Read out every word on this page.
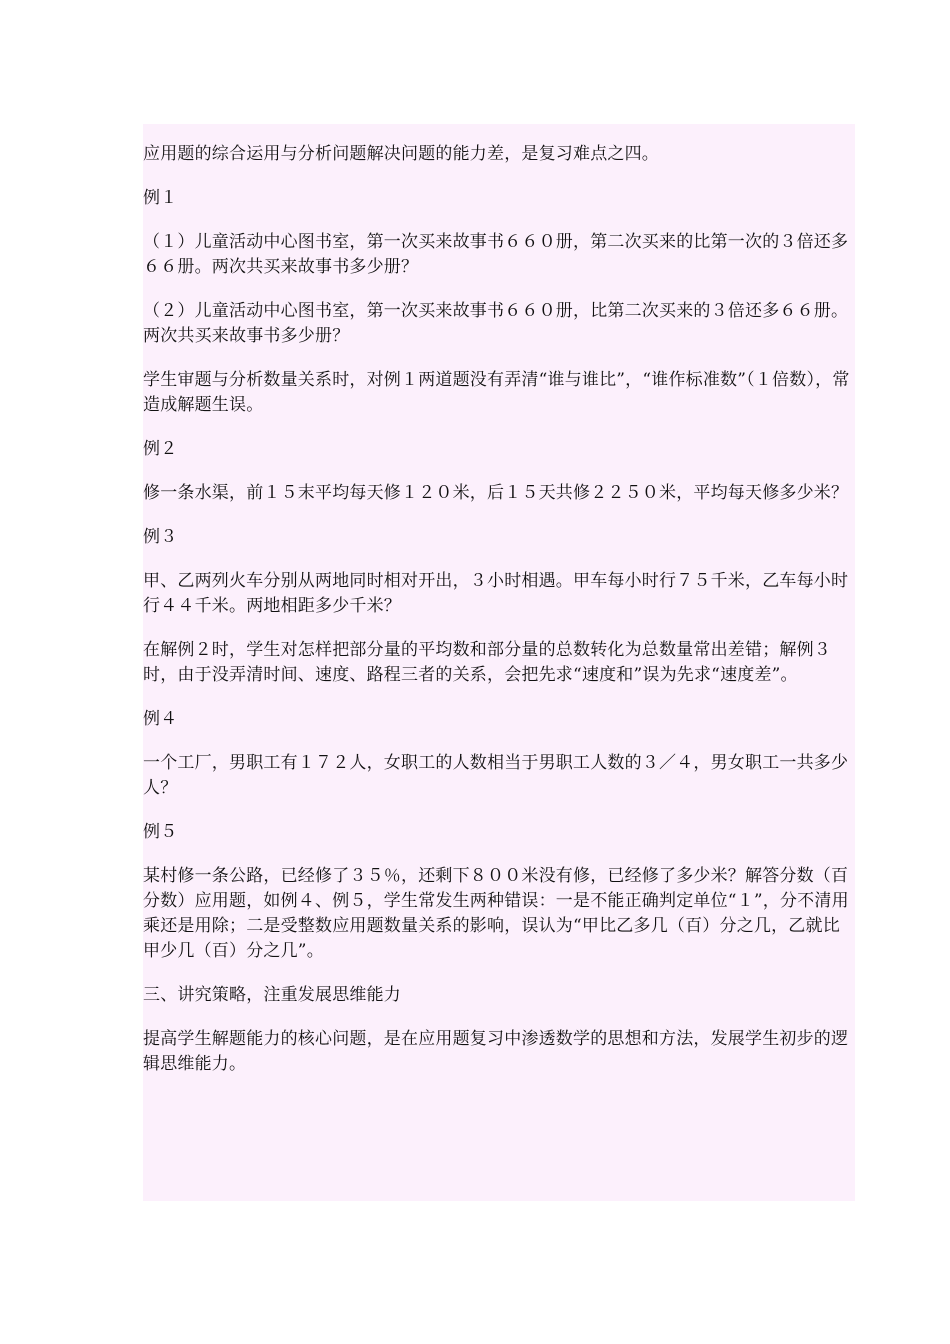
应用题的综合运用与分析问题解决问题的能力差，是复习难点之四。

例１

（１）儿童活动中心图书室，第一次买来故事书６６０册，第二次买来的比第一次的３倍还多６６册。两次共买来故事书多少册？

（２）儿童活动中心图书室，第一次买来故事书６６０册，比第二次买来的３倍还多６６册。两次共买来故事书多少册？

学生审题与分析数量关系时，对例１两道题没有弄清“谁与谁比”，“谁作标准数”（１倍数），常造成解题生误。

例２

修一条水渠，前１５末平均每天修１２０米，后１５天共修２２５０米，平均每天修多少米？

例３

甲、乙两列火车分别从两地同时相对开出，３小时相遇。甲车每小时行７５千米，乙车每小时行４４千米。两地相距多少千米？

在解例２时，学生对怎样把部分量的平均数和部分量的总数转化为总数量常出差错；解例３时，由于没弄清时间、速度、路程三者的关系，会把先求“速度和”误为先求“速度差”。

例４

一个工厂，男职工有１７２人，女职工的人数相当于男职工人数的３／４，男女职工一共多少人？

例５

某村修一条公路，已经修了３５％，还剩下８００米没有修，已经修了多少米？解答分数（百分数）应用题，如例４、例５，学生常发生两种错误：一是不能正确判定单位“１”，分不清用乘还是用除；二是受整数应用题数量关系的影响，误认为“甲比乙多几（百）分之几，乙就比甲少几（百）分之几”。

三、讲究策略，注重发展思维能力

提高学生解题能力的核心问题，是在应用题复习中渗透数学的思想和方法，发展学生初步的逻辑思维能力。
